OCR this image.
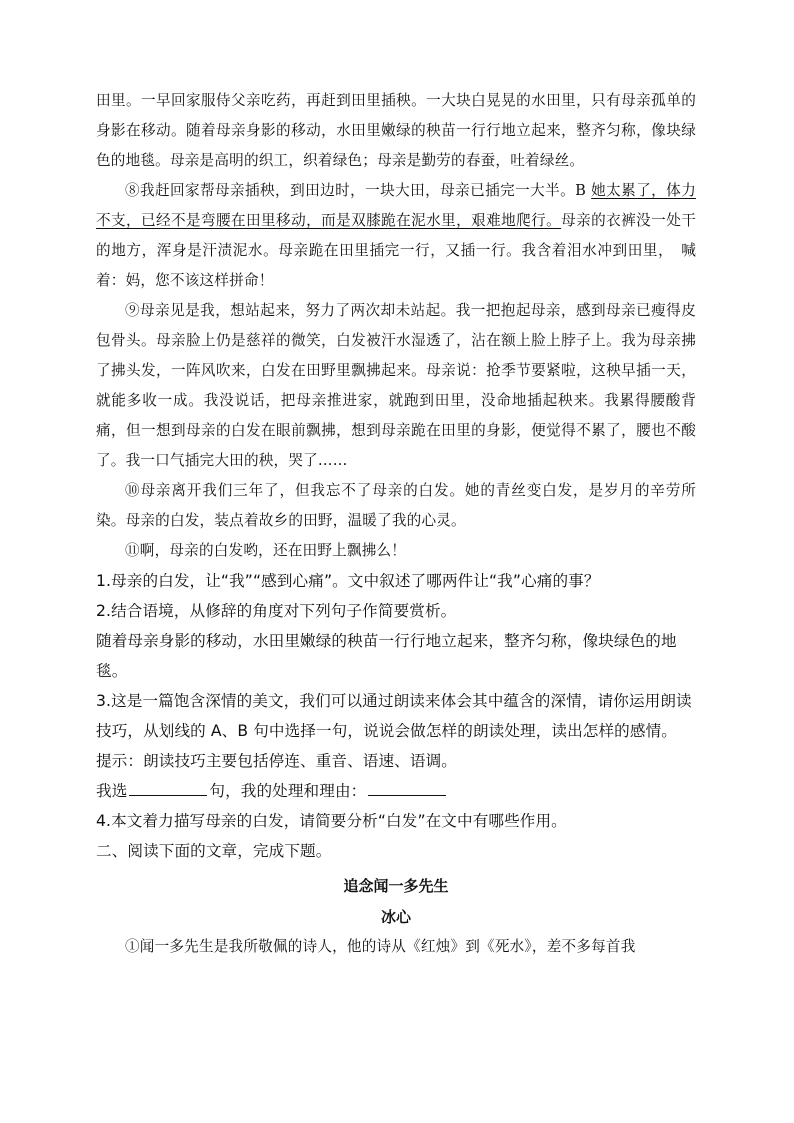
田里。一早回家服侍父亲吃药，再赶到田里插秧。一大块白晃晃的水田里，只有母亲孤单的身影在移动。随着母亲身影的移动，水田里嫩绿的秧苗一行行地立起来，整齐匀称，像块绿色的地毯。母亲是高明的织工，织着绿色；母亲是勤劳的春蚕，吐着绿丝。

⑧我赶回家帮母亲插秧，到田边时，一块大田，母亲已插完一大半。B 她太累了，体力不支，已经不是弯腰在田里移动，而是双膝跪在泥水里，艰难地爬行。母亲的衣裤没一处干的地方，浑身是汗渍泥水。母亲跪在田里插完一行，又插一行。我含着泪水冲到田里，　喊着：妈，您不该这样拼命！

⑨母亲见是我，想站起来，努力了两次却未站起。我一把抱起母亲，感到母亲已瘦得皮包骨头。母亲脸上仍是慈祥的微笑，白发被汗水湿透了，沾在额上脸上脖子上。我为母亲拂了拂头发，一阵风吹来，白发在田野里飘拂起来。母亲说：抢季节要紧啦，这秧早插一天，就能多收一成。我没说话，把母亲推进家，就跑到田里，没命地插起秧来。我累得腰酸背痛，但一想到母亲的白发在眼前飘拂，想到母亲跪在田里的身影，便觉得不累了，腰也不酸了。我一口气插完大田的秧，哭了……

⑩母亲离开我们三年了，但我忘不了母亲的白发。她的青丝变白发，是岁月的辛劳所染。母亲的白发，装点着故乡的田野，温暖了我的心灵。

⑪啊，母亲的白发哟，还在田野上飘拂么！

1.母亲的白发，让“我”“感到心痛”。文中叙述了哪两件让“我”心痛的事？

2.结合语境，从修辞的角度对下列句子作简要赏析。

随着母亲身影的移动，水田里嫩绿的秧苗一行行地立起来，整齐匀称，像块绿色的地毯。

3.这是一篇饱含深情的美文，我们可以通过朗读来体会其中蕴含的深情，请你运用朗读技巧，从划线的 A、B 句中选择一句，说说会做怎样的朗读处理，读出怎样的感情。

提示：朗读技巧主要包括停连、重音、语速、语调。

我选	句，我的处理和理由：

4.本文着力描写母亲的白发，请简要分析“白发”在文中有哪些作用。

二、阅读下面的文章，完成下题。

追念闻一多先生

冰心

①闻一多先生是我所敬佩的诗人，他的诗从《红烛》到《死水》，差不多每首我
